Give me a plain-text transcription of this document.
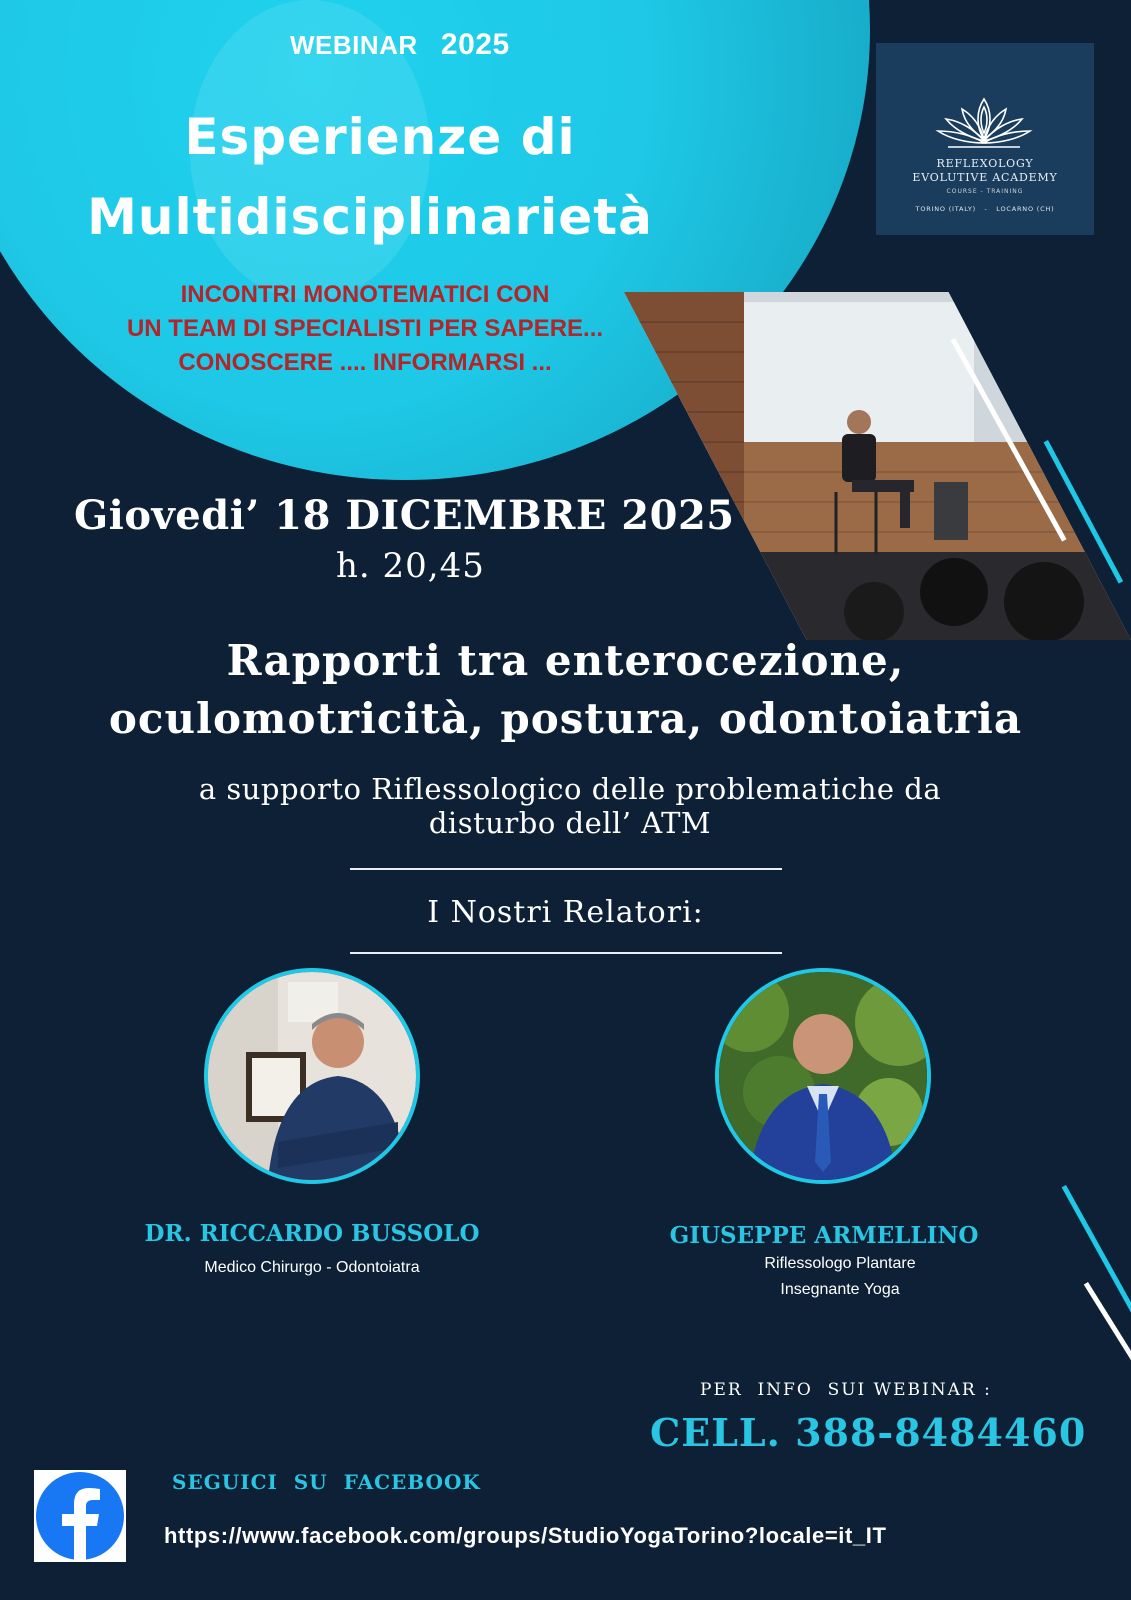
WEBINAR 2025
Esperienze di
Multidisciplinarietà
INCONTRI MONOTEMATICI CON
UN TEAM DI SPECIALISTI PER SAPERE...
CONOSCERE .... INFORMARSI ...
REFLEXOLOGY
EVOLUTIVE ACADEMY
COURSE - TRAINING
TORINO (ITALY)   -   LOCARNO (CH)
Giovedi’ 18 DICEMBRE 2025
h. 20,45
Rapporti tra enterocezione,
oculomotricità, postura, odontoiatria
a supporto Riflessologico delle problematiche da
disturbo dell’ ATM
I Nostri Relatori:
DR. RICCARDO BUSSOLO
Medico Chirurgo - Odontoiatra
GIUSEPPE ARMELLINO
Riflessologo Plantare
Insegnante Yoga
PER  INFO  SUI WEBINAR :
CELL. 388-8484460
SEGUICI  SU  FACEBOOK
https://www.facebook.com/groups/StudioYogaTorino?locale=it_IT
